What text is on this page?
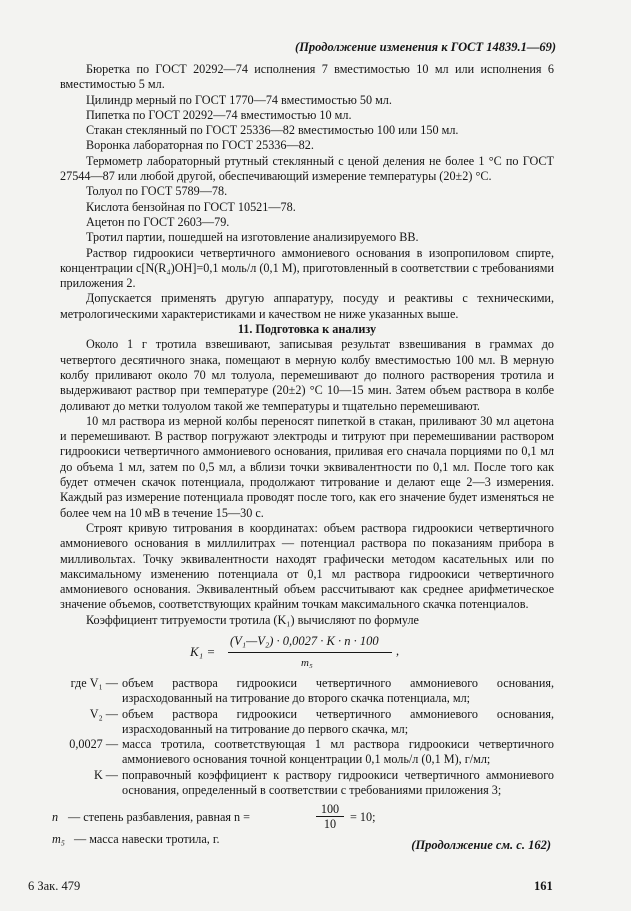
(Продолжение изменения к ГОСТ 14839.1—69)

Бюретка по ГОСТ 20292—74 исполнения 7 вместимостью 10 мл или исполнения 6 вместимостью 5 мл.

Цилиндр мерный по ГОСТ 1770—74 вместимостью 50 мл.

Пипетка по ГОСТ 20292—74 вместимостью 10 мл.

Стакан стеклянный по ГОСТ 25336—82 вместимостью 100 или 150 мл.

Воронка лабораторная по ГОСТ 25336—82.

Термометр лабораторный ртутный стеклянный с ценой деления не более 1 °С по ГОСТ 27544—87 или любой другой, обеспечивающий измерение температуры (20±2) °С.

Толуол по ГОСТ 5789—78.

Кислота бензойная по ГОСТ 10521—78.

Ацетон по ГОСТ 2603—79.

Тротил партии, пошедшей на изготовление анализируемого ВВ.

Раствор гидроокиси четвертичного аммониевого основания в изопропиловом спирте, концентрации c[N(R₄)OH]=0,1 моль/л (0,1 М), приготовленный в соответствии с требованиями приложения 2.

Допускается применять другую аппаратуру, посуду и реактивы с техническими, метрологическими характеристиками и качеством не ниже указанных выше.

11. Подготовка к анализу

Около 1 г тротила взвешивают, записывая результат взвешивания в граммах до четвертого десятичного знака, помещают в мерную колбу вместимостью 100 мл. В мерную колбу приливают около 70 мл толуола, перемешивают до полного растворения тротила и выдерживают раствор при температуре (20±2) °С 10—15 мин. Затем объем раствора в колбе доливают до метки толуолом такой же температуры и тщательно перемешивают.

10 мл раствора из мерной колбы переносят пипеткой в стакан, приливают 30 мл ацетона и перемешивают. В раствор погружают электроды и титруют при перемешивании раствором гидроокиси четвертичного аммониевого основания, приливая его сначала порциями по 0,1 мл до объема 1 мл, затем по 0,5 мл, а вблизи точки эквивалентности по 0,1 мл. После того как будет отмечен скачок потенциала, продолжают титрование и делают еще 2—3 измерения. Каждый раз измерение потенциала проводят после того, как его значение будет изменяться не более чем на 10 мВ в течение 15—30 с.

Строят кривую титрования в координатах: объем раствора гидроокиси четвертичного аммониевого основания в миллилитрах — потенциал раствора по показаниям прибора в милливольтах. Точку эквивалентности находят графически методом касательных или по максимальному изменению потенциала от 0,1 мл раствора гидроокиси четвертичного аммониевого основания. Эквивалентный объем рассчитывают как среднее арифметическое значение объемов, соответствующих крайним точкам максимального скачка потенциалов.

Коэффициент титруемости тротила (K₁) вычисляют по формуле

K₁ =
(V₁—V₂) · 0,0027 · K · n · 100
m₅
,
где V₁ — объем раствора гидроокиси четвертичного аммониевого основания, израсходованный на титрование до второго скачка потенциала, мл;
V₂ — объем раствора гидроокиси четвертичного аммониевого основания, израсходованный на титрование до первого скачка, мл;
0,0027 — масса тротила, соответствующая 1 мл раствора гидроокиси четвертичного аммониевого основания точной концентрации 0,1 моль/л (0,1 М), г/мл;
K — поправочный коэффициент к раствору гидроокиси четвертичного аммониевого основания, определенный в соответствии с требованиями приложения 3;
n — степень разбавления, равная n =	$\frac{100}{10} = 10$;
m₅ — масса навески тротила, г.	(Продолжение см. с. 162)
6 Зак. 479	161
